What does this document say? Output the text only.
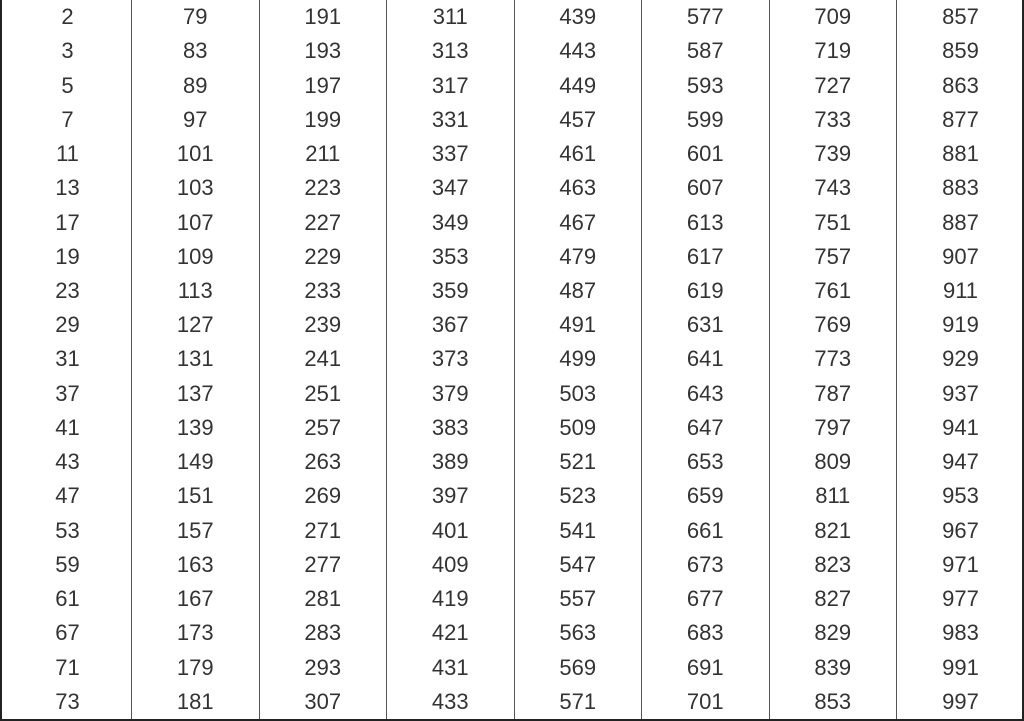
2	79	191	311	439	577	709	857
3	83	193	313	443	587	719	859
5	89	197	317	449	593	727	863
7	97	199	331	457	599	733	877
11	101	211	337	461	601	739	881
13	103	223	347	463	607	743	883
17	107	227	349	467	613	751	887
19	109	229	353	479	617	757	907
23	113	233	359	487	619	761	911
29	127	239	367	491	631	769	919
31	131	241	373	499	641	773	929
37	137	251	379	503	643	787	937
41	139	257	383	509	647	797	941
43	149	263	389	521	653	809	947
47	151	269	397	523	659	811	953
53	157	271	401	541	661	821	967
59	163	277	409	547	673	823	971
61	167	281	419	557	677	827	977
67	173	283	421	563	683	829	983
71	179	293	431	569	691	839	991
73	181	307	433	571	701	853	997
